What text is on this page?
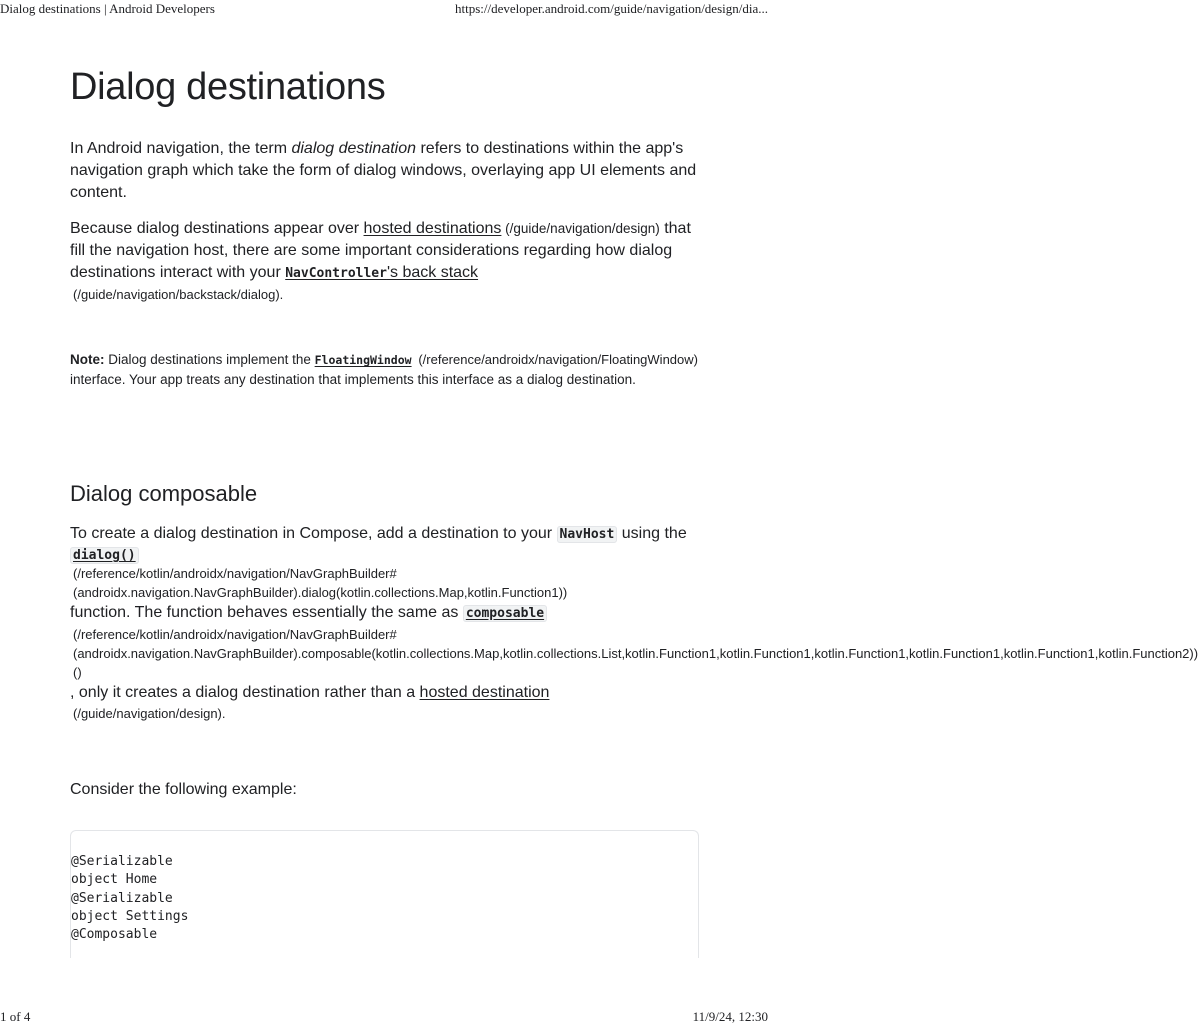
Dialog destinations | Android Developers	https://developer.android.com/guide/navigation/design/dia...
Dialog destinations

In Android navigation, the term dialog destination refers to destinations within the app's navigation graph which take the form of dialog windows, overlaying app UI elements and content.

Because dialog destinations appear over hosted destinations (/guide/navigation/design) that fill the navigation host, there are some important considerations regarding how dialog destinations interact with your NavController's back stack
(/guide/navigation/backstack/dialog).

Note: Dialog destinations implement the FloatingWindow (/reference/androidx/navigation/FloatingWindow) interface. Your app treats any destination that implements this interface as a dialog destination.
Dialog composable

To create a dialog destination in Compose, add a destination to your NavHost using the

dialog()
(/reference/kotlin/androidx/navigation/NavGraphBuilder#(androidx.navigation.NavGraphBuilder).dialog(kotlin.collections.Map,kotlin.Function1))

function. The function behaves essentially the same as composable

(/reference/kotlin/androidx/navigation/NavGraphBuilder#(androidx.navigation.NavGraphBuilder).composable(kotlin.collections.Map,kotlin.collections.List,kotlin.Function1,kotlin.Function1,kotlin.Function1,kotlin.Function1,kotlin.Function1,kotlin.Function2))()

, only it creates a dialog destination rather than a hosted destination

(/guide/navigation/design).

Consider the following example:

@Serializable
object Home
@Serializable
object Settings
@Composable
1 of 4	11/9/24, 12:30
